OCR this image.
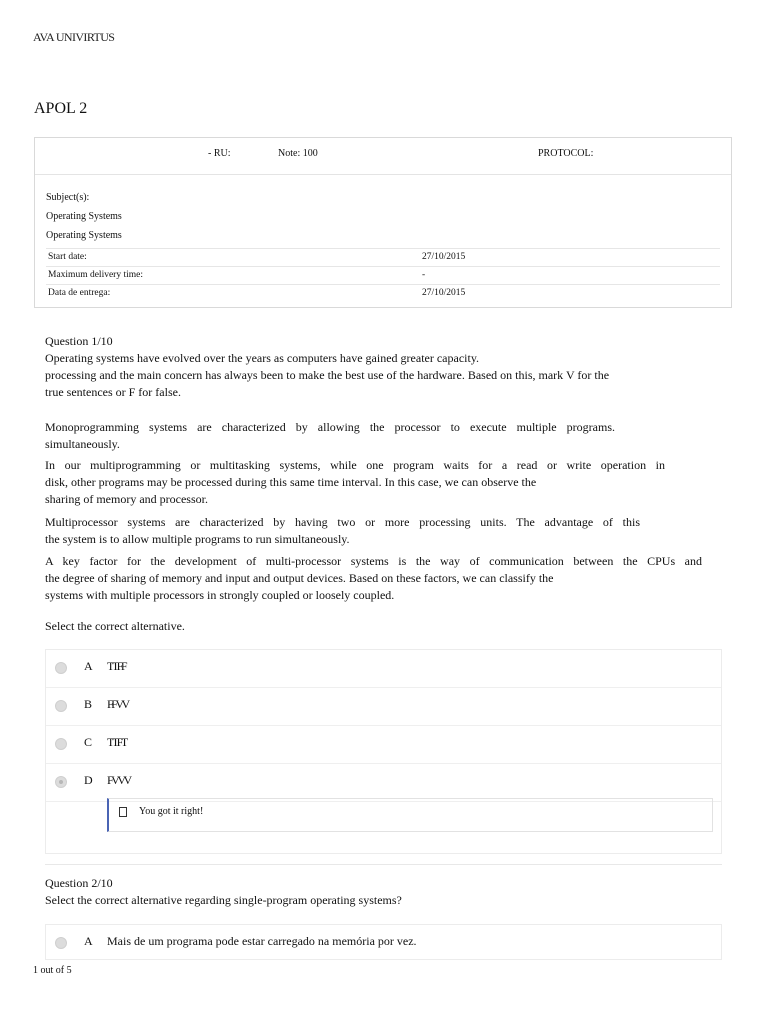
AVA UNIVIRTUS
APOL 2
- RU:	Note: 100	PROTOCOL:
Subject(s):
Operating Systems
Operating Systems
Start date:	27/10/2015
Maximum delivery time:	-
Data de entrega:	27/10/2015
Question 1/10
Operating systems have evolved over the years as computers have gained greater capacity.
processing and the main concern has always been to make the best use of the hardware. Based on this, mark V for the
true sentences or F for false.
Monoprogramming systems are characterized by allowing the processor to execute multiple programs.
simultaneously.
In our multiprogramming or multitasking systems, while one program waits for a read or write operation in
disk, other programs may be processed during this same time interval. In this case, we can observe the
sharing of memory and processor.
Multiprocessor systems are characterized by having two or more processing units. The advantage of this
the system is to allow multiple programs to run simultaneously.
A key factor for the development of multi-processor systems is the way of communication between the CPUs and
the degree of sharing of memory and input and output devices. Based on these factors, we can classify the
systems with multiple processors in strongly coupled or loosely coupled.
Select the correct alternative.
A TTFF
B FFVV
C TTFT
D FVVV
You got it right!
Question 2/10
Select the correct alternative regarding single-program operating systems?
A Mais de um programa pode estar carregado na memória por vez.
1 out of 5
